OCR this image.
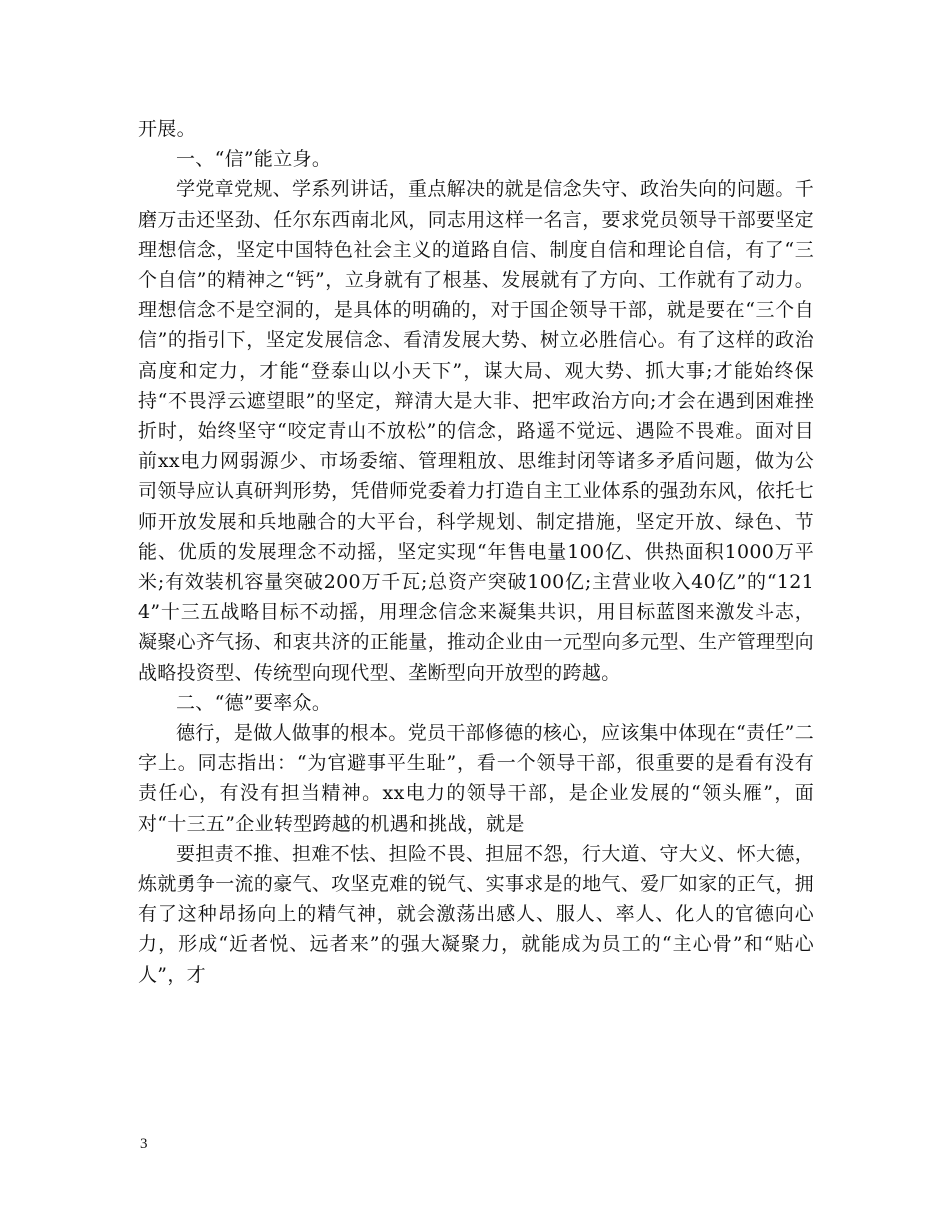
开展。

一、“信”能立身。

学党章党规、学系列讲话，重点解决的就是信念失守、政治失向的问题。千磨万击还坚劲、任尔东西南北风，同志用这样一名言，要求党员领导干部要坚定理想信念，坚定中国特色社会主义的道路自信、制度自信和理论自信，有了“三个自信”的精神之“钙”，立身就有了根基、发展就有了方向、工作就有了动力。理想信念不是空洞的，是具体的明确的，对于国企领导干部，就是要在“三个自信”的指引下，坚定发展信念、看清发展大势、树立必胜信心。有了这样的政治高度和定力，才能“登泰山以小天下”，谋大局、观大势、抓大事;才能始终保持“不畏浮云遮望眼”的坚定，辩清大是大非、把牢政治方向;才会在遇到困难挫折时，始终坚守“咬定青山不放松”的信念，路遥不觉远、遇险不畏难。面对目前xx电力网弱源少、市场委缩、管理粗放、思维封闭等诸多矛盾问题，做为公司领导应认真研判形势，凭借师党委着力打造自主工业体系的强劲东风，依托七师开放发展和兵地融合的大平台，科学规划、制定措施，坚定开放、绿色、节能、优质的发展理念不动摇，坚定实现“年售电量100亿、供热面积1000万平米;有效装机容量突破200万千瓦;总资产突破100亿;主营业收入40亿”的“1214”十三五战略目标不动摇，用理念信念来凝集共识，用目标蓝图来激发斗志，凝聚心齐气扬、和衷共济的正能量，推动企业由一元型向多元型、生产管理型向战略投资型、传统型向现代型、垄断型向开放型的跨越。

二、“德”要率众。

德行，是做人做事的根本。党员干部修德的核心，应该集中体现在“责任”二字上。同志指出：“为官避事平生耻”，看一个领导干部，很重要的是看有没有责任心，有没有担当精神。xx电力的领导干部，是企业发展的“领头雁”，面对“十三五”企业转型跨越的机遇和挑战，就是

要担责不推、担难不怯、担险不畏、担屈不怨，行大道、守大义、怀大德，炼就勇争一流的豪气、攻坚克难的锐气、实事求是的地气、爱厂如家的正气，拥有了这种昂扬向上的精气神，就会激荡出感人、服人、率人、化人的官德向心力，形成“近者悦、远者来”的强大凝聚力，就能成为员工的“主心骨”和“贴心人”，才

3
